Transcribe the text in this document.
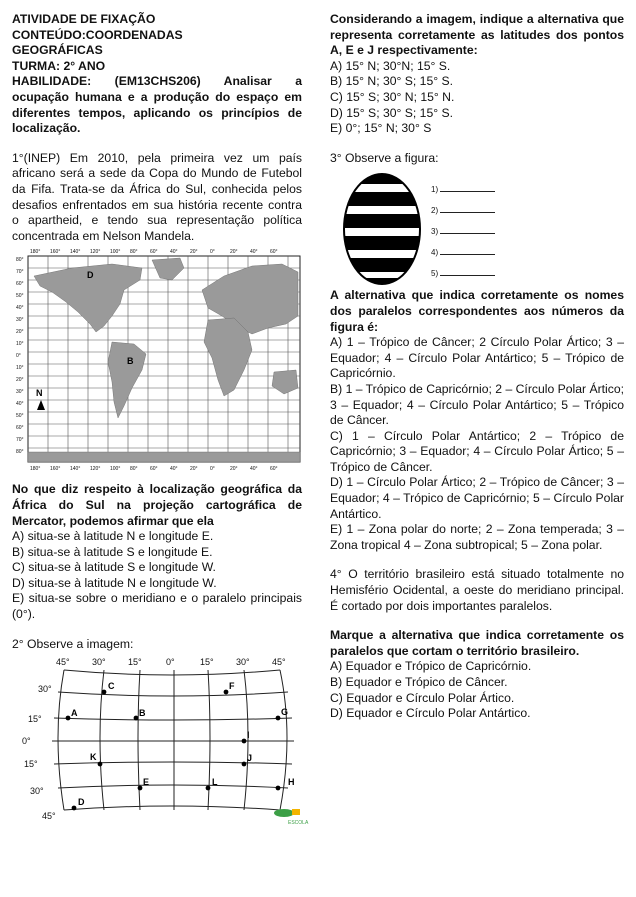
ATIVIDADE DE FIXAÇÃO

CONTEÚDO:COORDENADAS

GEOGRÁFICAS

TURMA: 2° ANO

HABILIDADE: (EM13CHS206) Analisar a ocupação humana e a produção do espaço em diferentes tempos, aplicando os princípios de localização.

1°(INEP) Em 2010, pela primeira vez um país africano será a sede da Copa do Mundo de Futebol da Fifa. Trata-se da África do Sul, conhecida pelos desafios enfrentados em sua história recente contra o apartheid, e tendo sua representação política concentrada em Nelson Mandela.

180° 160° 140° 120° 100° 80° 60° 40° 20° 0°	20° 40° 60°
80°
70°
60°
50°
40°
30°
20°
10°
0°
10°
20°
30°
40°
50°
60°
70°
80°
D
B
N
180° 160° 140° 120° 100° 80° 60° 40° 20° 0°	20° 40° 60°

No que diz respeito à localização geográfica da África do Sul na projeção cartográfica de Mercator, podemos afirmar que ela

A) situa-se à latitude N e longitude E.

B) situa-se à latitude S e longitude E.

C) situa-se à latitude S e longitude W.

D) situa-se à latitude N e longitude W.

E) situa-se sobre o meridiano e o paralelo principais (0°).

2° Observe a imagem:

45° 30° 15°	0°	15° 30° 45°
30°
15°
0°
15°
30°
45°
A	B
C
D
E
F
G
H
I
J
K
L
ESCOLA

Considerando a imagem, indique a alternativa que representa corretamente as latitudes dos pontos A, E e J respectivamente:

A) 15° N; 30°N; 15° S.

B) 15° N; 30° S; 15° S.

C) 15° S; 30° N; 15° N.

D) 15° S; 30° S; 15° S.

E) 0°; 15° N; 30° S

3° Observe a figura:

1)
2)
3)
4)
5)

A alternativa que indica corretamente os nomes dos paralelos correspondentes aos números da figura é:

A) 1 – Trópico de Câncer; 2 Círculo Polar Ártico; 3 – Equador; 4 – Círculo Polar Antártico; 5 – Trópico de Capricórnio.

B) 1 – Trópico de Capricórnio; 2 – Círculo Polar Ártico; 3 – Equador; 4 – Círculo Polar Antártico; 5 – Trópico de Câncer.

C) 1 – Círculo Polar Antártico; 2 – Trópico de Capricórnio; 3 – Equador; 4 – Círculo Polar Ártico; 5 – Trópico de Câncer.

D) 1 – Círculo Polar Ártico; 2 – Trópico de Câncer; 3 – Equador; 4 – Trópico de Capricórnio; 5 – Círculo Polar Antártico.

E) 1 – Zona polar do norte; 2 – Zona temperada; 3 – Zona tropical 4 – Zona subtropical; 5 – Zona polar.

4° O território brasileiro está situado totalmente no Hemisfério Ocidental, a oeste do meridiano principal. É cortado por dois importantes paralelos.

Marque a alternativa que indica corretamente os paralelos que cortam o território brasileiro.

A) Equador e Trópico de Capricórnio.

B) Equador e Trópico de Câncer.

C) Equador e Círculo Polar Ártico.

D) Equador e Círculo Polar Antártico.
